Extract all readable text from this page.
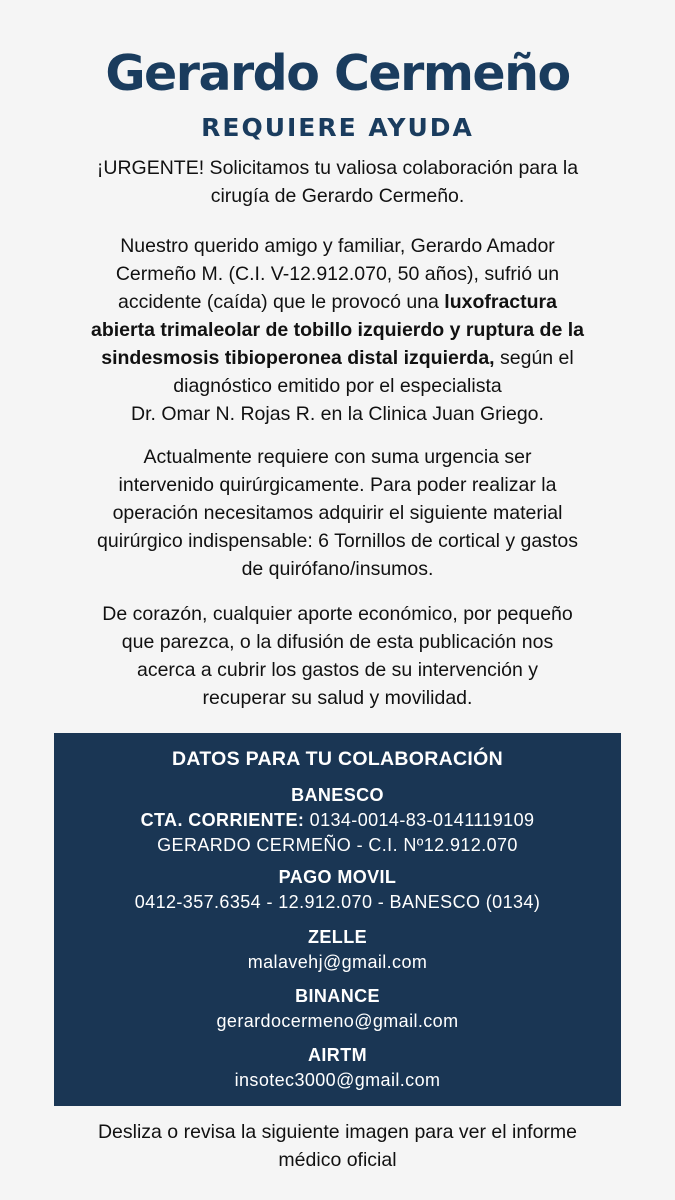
Gerardo Cermeño
REQUIERE AYUDA
¡URGENTE! Solicitamos tu valiosa colaboración para la
cirugía de Gerardo Cermeño.
Nuestro querido amigo y familiar, Gerardo Amador
Cermeño M. (C.I. V-12.912.070, 50 años), sufrió un
accidente (caída) que le provocó una luxofractura
abierta trimaleolar de tobillo izquierdo y ruptura de la
sindesmosis tibioperonea distal izquierda, según el
diagnóstico emitido por el especialista
Dr. Omar N. Rojas R. en la Clinica Juan Griego.
Actualmente requiere con suma urgencia ser
intervenido quirúrgicamente. Para poder realizar la
operación necesitamos adquirir el siguiente material
quirúrgico indispensable: 6 Tornillos de cortical y gastos
de quirófano/insumos.
De corazón, cualquier aporte económico, por pequeño
que parezca, o la difusión de esta publicación nos
acerca a cubrir los gastos de su intervención y
recuperar su salud y movilidad.
DATOS PARA TU COLABORACIÓN
BANESCO
CTA. CORRIENTE: 0134-0014-83-0141119109
GERARDO CERMEÑO - C.I. Nº12.912.070
PAGO MOVIL
0412-357.6354 - 12.912.070 - BANESCO (0134)
ZELLE
malavehj@gmail.com
BINANCE
gerardocermeno@gmail.com
AIRTM
insotec3000@gmail.com
Desliza o revisa la siguiente imagen para ver el informe
médico oficial
